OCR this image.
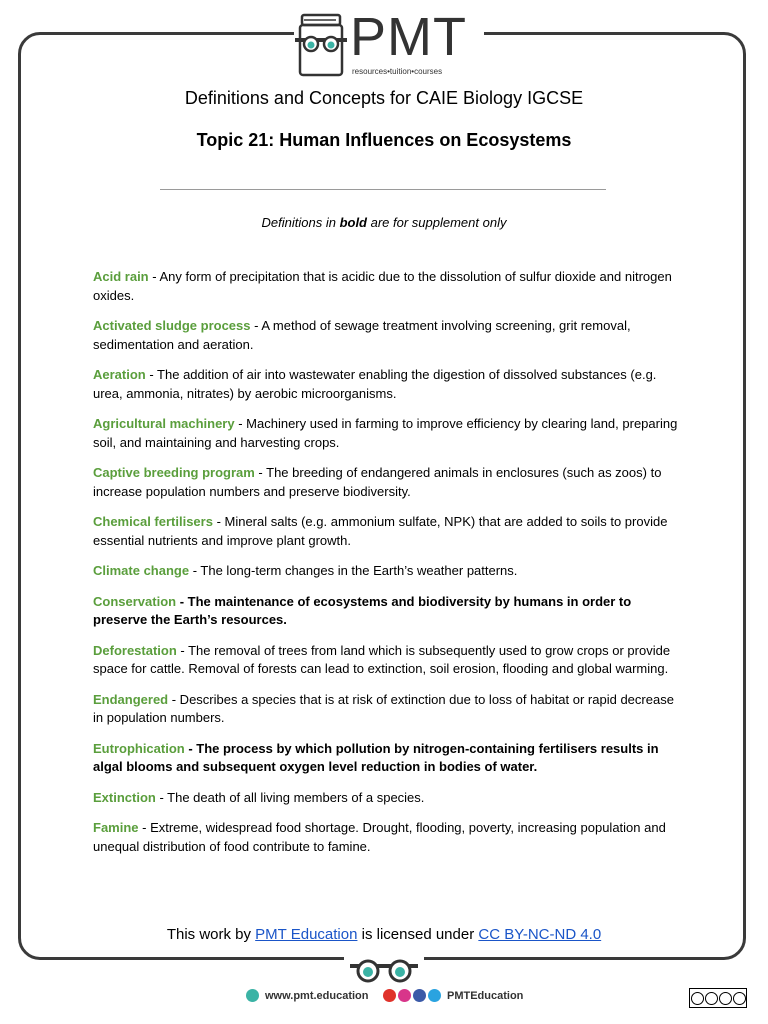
PMT
resources•tuition•courses
Definitions and Concepts for CAIE Biology IGCSE
Topic 21: Human Influences on Ecosystems
Definitions in bold are for supplement only

Acid rain - Any form of precipitation that is acidic due to the dissolution of sulfur dioxide and nitrogen oxides.

Activated sludge process - A method of sewage treatment involving screening, grit removal, sedimentation and aeration.

Aeration - The addition of air into wastewater enabling the digestion of dissolved substances (e.g. urea, ammonia, nitrates) by aerobic microorganisms.

Agricultural machinery - Machinery used in farming to improve efficiency by clearing land, preparing soil, and maintaining and harvesting crops.

Captive breeding program - The breeding of endangered animals in enclosures (such as zoos) to increase population numbers and preserve biodiversity.

Chemical fertilisers - Mineral salts (e.g. ammonium sulfate, NPK) that are added to soils to provide essential nutrients and improve plant growth.

Climate change - The long-term changes in the Earth’s weather patterns.

Conservation - The maintenance of ecosystems and biodiversity by humans in order to preserve the Earth’s resources.

Deforestation - The removal of trees from land which is subsequently used to grow crops or provide space for cattle. Removal of forests can lead to extinction, soil erosion, flooding and global warming.

Endangered - Describes a species that is at risk of extinction due to loss of habitat or rapid decrease in population numbers.

Eutrophication - The process by which pollution by nitrogen-containing fertilisers results in algal blooms and subsequent oxygen level reduction in bodies of water.

Extinction - The death of all living members of a species.

Famine - Extreme, widespread food shortage. Drought, flooding, poverty, increasing population and unequal distribution of food contribute to famine.

This work by PMT Education is licensed under CC BY-NC-ND 4.0
www.pmt.education	PMTEducation
